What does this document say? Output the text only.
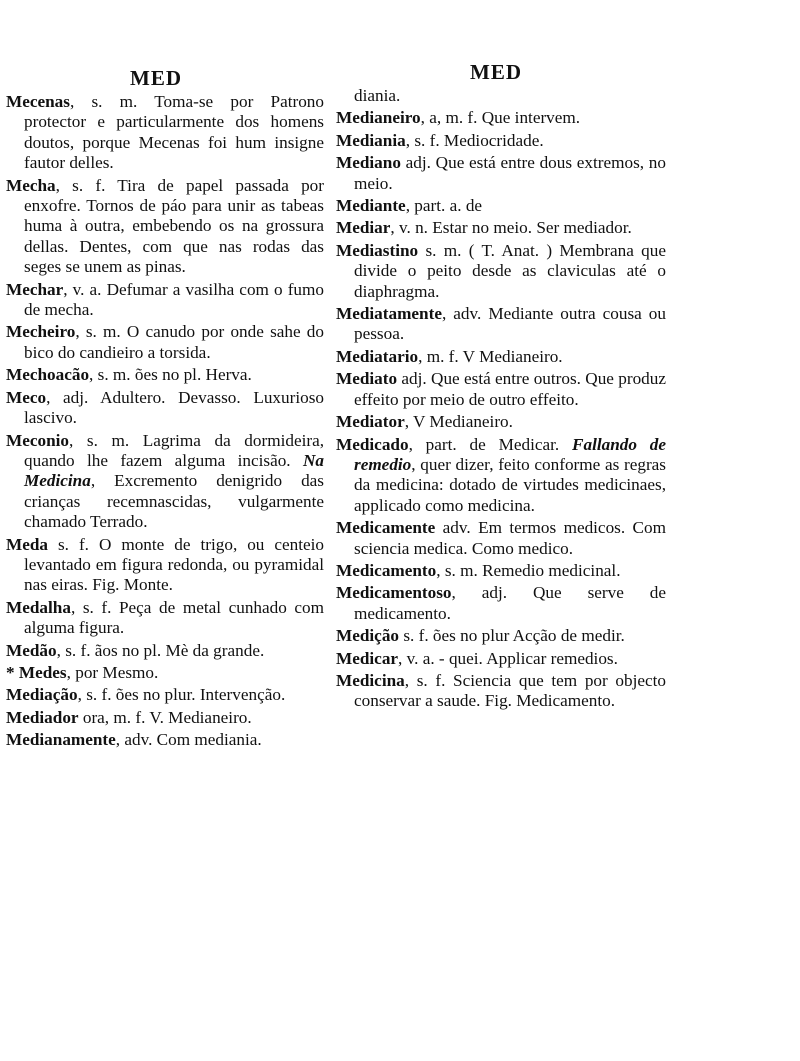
MED

Mecenas, s. m. Toma-se por Patrono protector e particularmente dos homens doutos, porque Mecenas foi hum insigne fautor delles.

Mecha, s. f. Tira de papel passada por enxofre. Tornos de páo para unir as tabeas huma à outra, embebendo os na grossura dellas. Dentes, com que nas rodas das seges se unem as pinas.

Mechar, v. a. Defumar a vasilha com o fumo de mecha.

Mecheiro, s. m. O canudo por onde sahe do bico do candieiro a torsida.

Mechoacão, s. m. ões no pl. Herva.

Meco, adj. Adultero. Devasso. Luxurioso lascivo.

Meconio, s. m. Lagrima da dormideira, quando lhe fazem alguma incisão. Na Medicina, Excremento denigrido das crianças recemnascidas, vulgarmente chamado Terrado.

Meda s. f. O monte de trigo, ou centeio levantado em figura redonda, ou pyramidal nas eiras. Fig. Monte.

Medalha, s. f. Peça de metal cunhado com alguma figura.

Medão, s. f. ãos no pl. Mè da grande.

* Medes, por Mesmo.

Mediação, s. f. ões no plur. Intervenção.

Mediador ora, m. f. V. Medianeiro.

Medianamente, adv. Com mediania.

MED

diania.

Medianeiro, a, m. f. Que intervem.

Mediania, s. f. Mediocridade.

Mediano adj. Que está entre dous extremos, no meio.

Mediante, part. a. de

Mediar, v. n. Estar no meio. Ser mediador.

Mediastino s. m. ( T. Anat. ) Membrana que divide o peito desde as claviculas até o diaphragma.

Mediatamente, adv. Mediante outra cousa ou pessoa.

Mediatario, m. f. V Medianeiro.

Mediato adj. Que está entre outros. Que produz effeito por meio de outro effeito.

Mediator, V Medianeiro.

Medicado, part. de Medicar. Fallando de remedio, quer dizer, feito conforme as regras da medicina: dotado de virtudes medicinaes, applicado como medicina.

Medicamente adv. Em termos medicos. Com sciencia medica. Como medico.

Medicamento, s. m. Remedio medicinal.

Medicamentoso, adj. Que serve de medicamento.

Medição s. f. ões no plur Acção de medir.

Medicar, v. a. - quei. Applicar remedios.

Medicina, s. f. Sciencia que tem por objecto conservar a saude. Fig. Medicamento.
